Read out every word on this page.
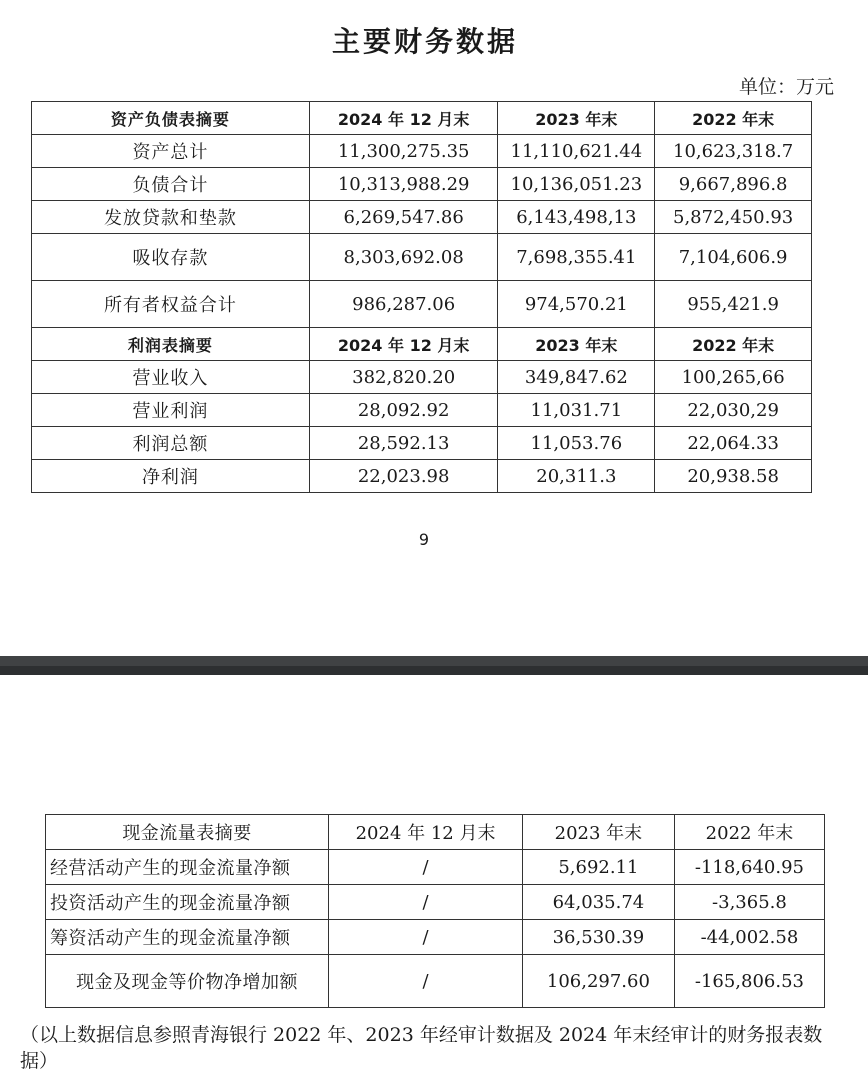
主要财务数据
单位：万元
资产负债表摘要	2024 年 12 月末	2023 年末	2022 年末
资产总计	11,300,275.35	11,110,621.44	10,623,318.7
负债合计	10,313,988.29	10,136,051.23	9,667,896.8
发放贷款和垫款	6,269,547.86	6,143,498,13	5,872,450.93
吸收存款	8,303,692.08	7,698,355.41	7,104,606.9
所有者权益合计	986,287.06	974,570.21	955,421.9
利润表摘要	2024 年 12 月末	2023 年末	2022 年末
营业收入	382,820.20	349,847.62	100,265,66
营业利润	28,092.92	11,031.71	22,030,29
利润总额	28,592.13	11,053.76	22,064.33
净利润	22,023.98	20,311.3	20,938.58
9
现金流量表摘要	2024 年 12 月末	2023 年末	2022 年末
经营活动产生的现金流量净额	/	5,692.11	-118,640.95
投资活动产生的现金流量净额	/	64,035.74	-3,365.8
筹资活动产生的现金流量净额	/	36,530.39	-44,002.58
现金及现金等价物净增加额	/	106,297.60	-165,806.53
（以上数据信息参照青海银行 2022 年、2023 年经审计数据及 2024 年末经审计的财务报表数据）
